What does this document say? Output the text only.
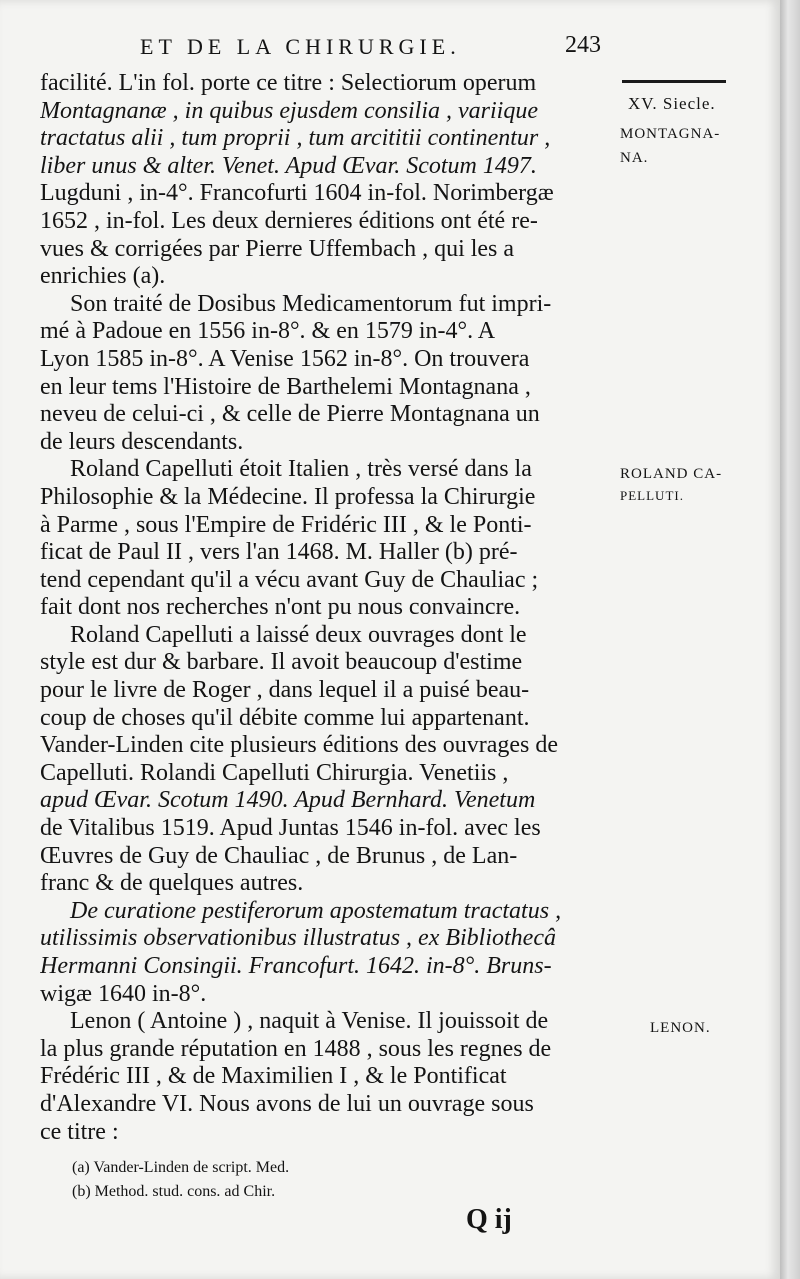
ET DE LA CHIRURGIE.	243
XV. Siecle.
MONTAGNA-
NA.
ROLAND CA-
PELLUTI.
LENON.
facilité. L'in fol. porte ce titre : Selectiorum operum
Montagnanæ , in quibus ejusdem consilia , variique
tractatus alii , tum proprii , tum arcititii continentur ,
liber unus & alter. Venet. Apud Œvar. Scotum 1497.
Lugduni , in-4°. Francofurti 1604 in-fol. Norimbergæ
1652 , in-fol. Les deux dernieres éditions ont été re-
vues & corrigées par Pierre Uffembach , qui les a
enrichies (a).
Son traité de Dosibus Medicamentorum fut impri-
mé à Padoue en 1556 in-8°. & en 1579 in-4°. A
Lyon 1585 in-8°. A Venise 1562 in-8°. On trouvera
en leur tems l'Histoire de Barthelemi Montagnana ,
neveu de celui-ci , & celle de Pierre Montagnana un
de leurs descendants.
Roland Capelluti étoit Italien , très versé dans la
Philosophie & la Médecine. Il professa la Chirurgie
à Parme , sous l'Empire de Fridéric III , & le Ponti-
ficat de Paul II , vers l'an 1468. M. Haller (b) pré-
tend cependant qu'il a vécu avant Guy de Chauliac ;
fait dont nos recherches n'ont pu nous convaincre.
Roland Capelluti a laissé deux ouvrages dont le
style est dur & barbare. Il avoit beaucoup d'estime
pour le livre de Roger , dans lequel il a puisé beau-
coup de choses qu'il débite comme lui appartenant.
Vander-Linden cite plusieurs éditions des ouvrages de
Capelluti. Rolandi Capelluti Chirurgia. Venetiis ,
apud Œvar. Scotum 1490. Apud Bernhard. Venetum
de Vitalibus 1519. Apud Juntas 1546 in-fol. avec les
Œuvres de Guy de Chauliac , de Brunus , de Lan-
franc & de quelques autres.
De curatione pestiferorum apostematum tractatus ,
utilissimis observationibus illustratus , ex Bibliothecâ
Hermanni Consingii. Francofurt. 1642. in-8°. Bruns-
wigæ 1640 in-8°.
Lenon ( Antoine ) , naquit à Venise. Il jouissoit de
la plus grande réputation en 1488 , sous les regnes de
Frédéric III , & de Maximilien I , & le Pontificat
d'Alexandre VI. Nous avons de lui un ouvrage sous
ce titre :
(a) Vander-Linden de script. Med.
(b) Method. stud. cons. ad Chir.
Q ij
